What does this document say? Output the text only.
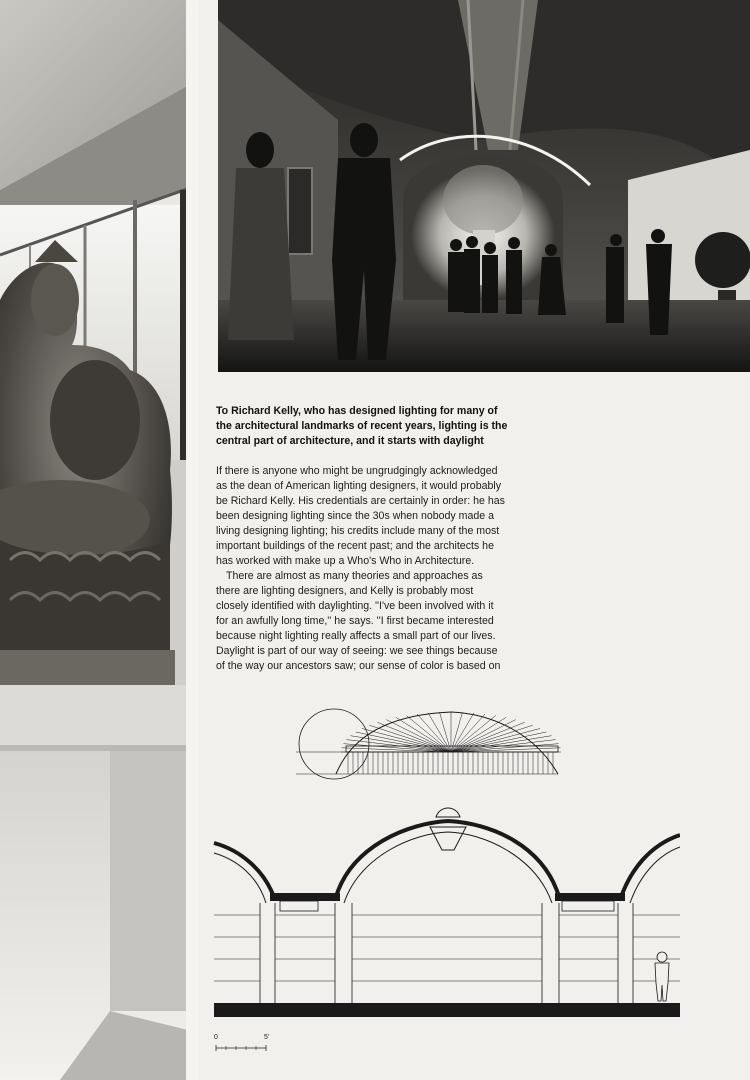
To Richard Kelly, who has designed lighting for many of
the architectural landmarks of recent years, lighting is the
central part of architecture, and it starts with daylight

If there is anyone who might be ungrudgingly acknowledged
as the dean of American lighting designers, it would probably
be Richard Kelly. His credentials are certainly in order: he has
been designing lighting since the 30s when nobody made a
living designing lighting; his credits include many of the most
important buildings of the recent past; and the architects he
has worked with make up a Who's Who in Architecture.

There are almost as many theories and approaches as
there are lighting designers, and Kelly is probably most
closely identified with daylighting. ''I've been involved with it
for an awfully long time,'' he says. ''I first became interested
because night lighting really affects a small part of our lives.
Daylight is part of our way of seeing: we see things because
of the way our ancestors saw; our sense of color is based on

0	5'
